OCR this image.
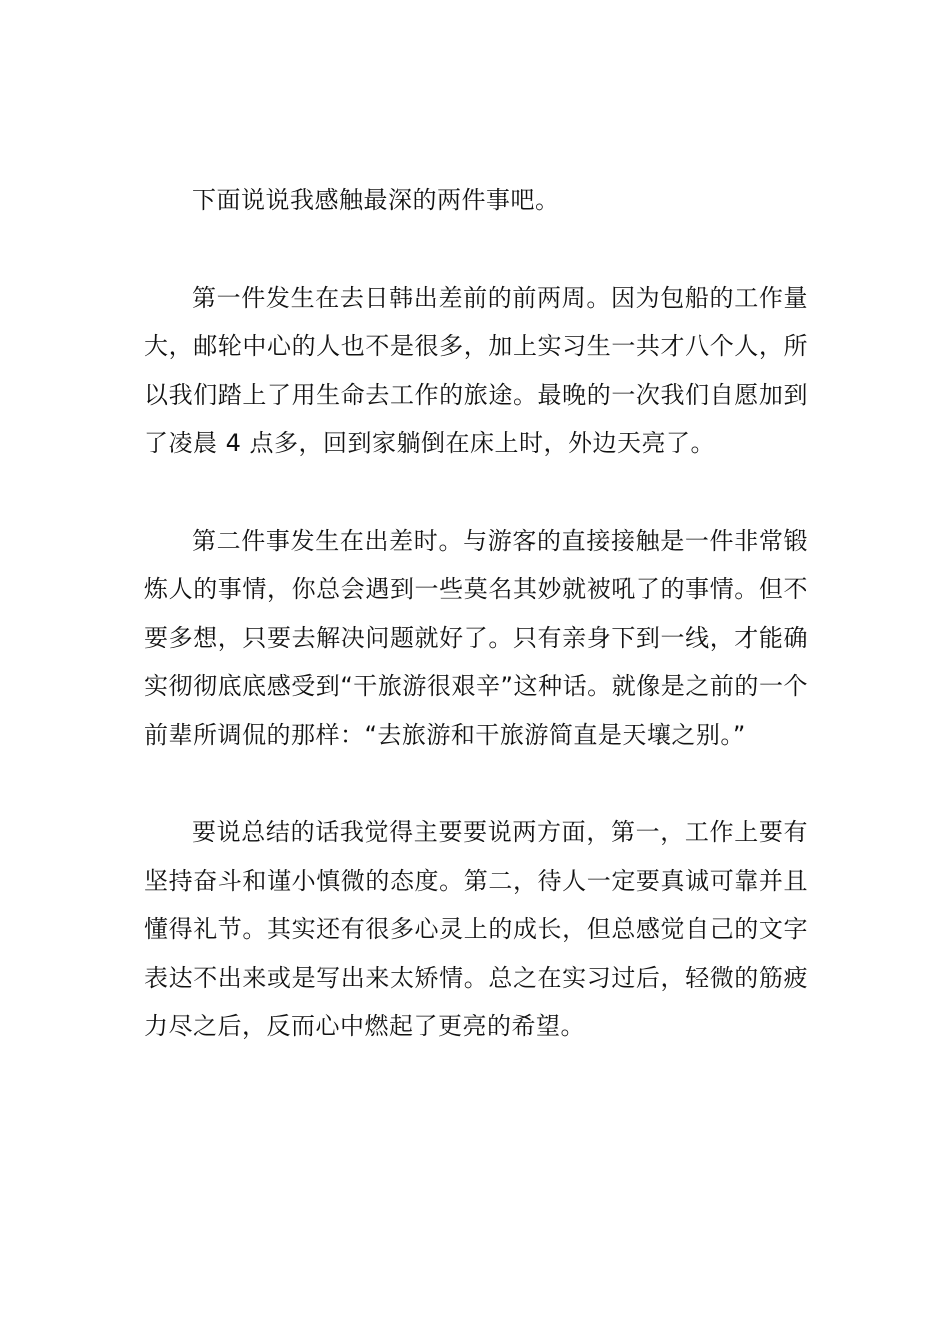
下面说说我感触最深的两件事吧。

第一件发生在去日韩出差前的前两周。因为包船的工作量大，邮轮中心的人也不是很多，加上实习生一共才八个人，所以我们踏上了用生命去工作的旅途。最晚的一次我们自愿加到了凌晨 4 点多，回到家躺倒在床上时，外边天亮了。

第二件事发生在出差时。与游客的直接接触是一件非常锻炼人的事情，你总会遇到一些莫名其妙就被吼了的事情。但不要多想，只要去解决问题就好了。只有亲身下到一线，才能确实彻彻底底感受到“干旅游很艰辛”这种话。就像是之前的一个前辈所调侃的那样：“去旅游和干旅游简直是天壤之别。”

要说总结的话我觉得主要要说两方面，第一，工作上要有坚持奋斗和谨小慎微的态度。第二，待人一定要真诚可靠并且懂得礼节。其实还有很多心灵上的成长，但总感觉自己的文字表达不出来或是写出来太矫情。总之在实习过后，轻微的筋疲力尽之后，反而心中燃起了更亮的希望。
